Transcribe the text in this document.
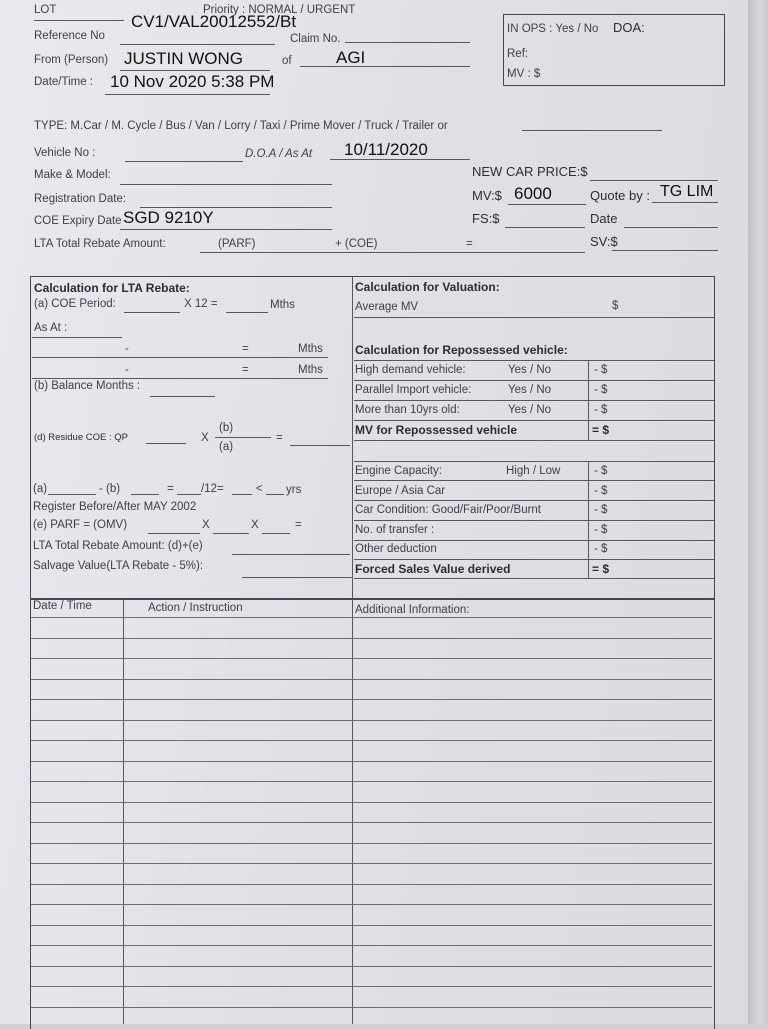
LOT	Priority : NORMAL / URGENT
Reference No
CV1/VAL20012552/Bt
Claim No.
From (Person) JUSTIN WONG	of	AGI
Date/Time : 10 Nov 2020 5:38 PM
IN OPS : Yes / No DOA:
Ref:
MV : $
TYPE: M.Car / M. Cycle / Bus / Van / Lorry / Taxi / Prime Mover / Truck / Trailer or
Vehicle No :	D.O.A / As At 10/11/2020
Make & Model:	NEW CAR PRICE:$
Registration Date:	MV:$ 6000	Quote by : TG LIM
COE Expiry Date SGD 9210Y	FS:$	Date
LTA Total Rebate Amount:	(PARF)	+ (COE)	=	SV:$
Calculation for LTA Rebate:
(a) COE Period:	X 12 =	Mths
As At :
-	=	Mths
-	=	Mths
(b) Balance Months :
(d) Residue COE : QP	X
(b)
(a)
=
(a)	- (b)	= /12=	< yrs
Register Before/After MAY 2002
(e) PARF = (OMV)	X	X	=
LTA Total Rebate Amount: (d)+(e)
Salvage Value(LTA Rebate - 5%):
Calculation for Valuation:
Average MV	$
Calculation for Repossessed vehicle:
High demand vehicle:	Yes / No	- $
Parallel Import vehicle:	Yes / No	- $
More than 10yrs old:	Yes / No	- $
MV for Repossessed vehicle	= $
Engine Capacity:	High / Low	- $
Europe / Asia Car	- $
Car Condition: Good/Fair/Poor/Burnt	- $
No. of transfer :	- $
Other deduction	- $
Forced Sales Value derived	= $
Date / Time	Action / Instruction	Additional Information:
